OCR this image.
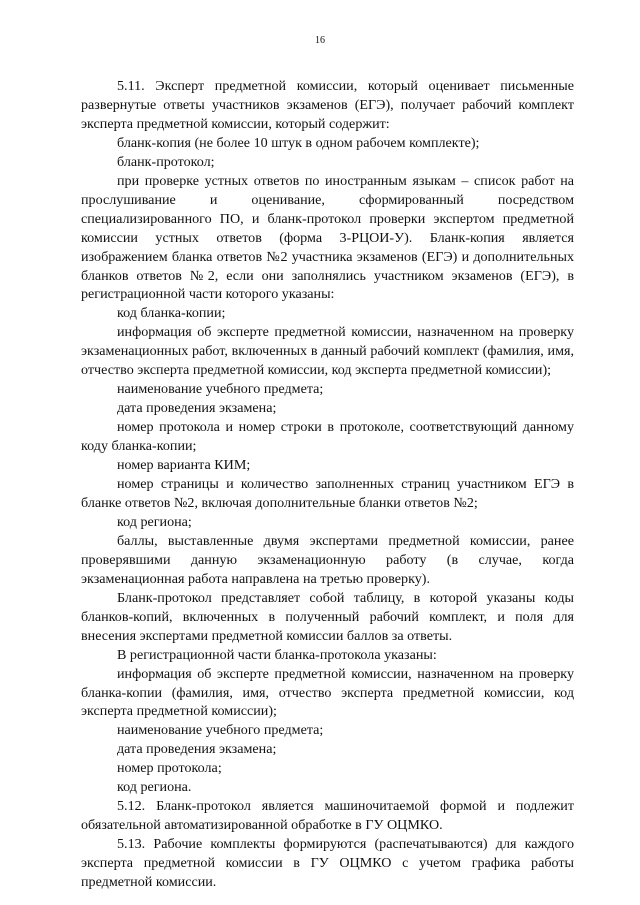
16

5.11. Эксперт предметной комиссии, который оценивает письменные развернутые ответы участников экзаменов (ЕГЭ), получает рабочий комплект эксперта предметной комиссии, который содержит:

бланк-копия (не более 10 штук в одном рабочем комплекте);

бланк-протокол;

при проверке устных ответов по иностранным языкам – список работ на прослушивание и оценивание, сформированный посредством специализированного ПО, и бланк-протокол проверки экспертом предметной комиссии устных ответов (форма 3-РЦОИ-У). Бланк-копия является изображением бланка ответов №2 участника экзаменов (ЕГЭ) и дополнительных бланков ответов №2, если они заполнялись участником экзаменов (ЕГЭ), в регистрационной части которого указаны:

код бланка-копии;

информация об эксперте предметной комиссии, назначенном на проверку экзаменационных работ, включенных в данный рабочий комплект (фамилия, имя, отчество эксперта предметной комиссии, код эксперта предметной комиссии);

наименование учебного предмета;

дата проведения экзамена;

номер протокола и номер строки в протоколе, соответствующий данному коду бланка-копии;

номер варианта КИМ;

номер страницы и количество заполненных страниц участником ЕГЭ в бланке ответов №2, включая дополнительные бланки ответов №2;

код региона;

баллы, выставленные двумя экспертами предметной комиссии, ранее проверявшими данную экзаменационную работу (в случае, когда экзаменационная работа направлена на третью проверку).

Бланк-протокол представляет собой таблицу, в которой указаны коды бланков-копий, включенных в полученный рабочий комплект, и поля для внесения экспертами предметной комиссии баллов за ответы.

В регистрационной части бланка-протокола указаны:

информация об эксперте предметной комиссии, назначенном на проверку бланка-копии (фамилия, имя, отчество эксперта предметной комиссии, код эксперта предметной комиссии);

наименование учебного предмета;

дата проведения экзамена;

номер протокола;

код региона.

5.12. Бланк-протокол является машиночитаемой формой и подлежит обязательной автоматизированной обработке в ГУ ОЦМКО.

5.13. Рабочие комплекты формируются (распечатываются) для каждого эксперта предметной комиссии в ГУ ОЦМКО с учетом графика работы предметной комиссии.
